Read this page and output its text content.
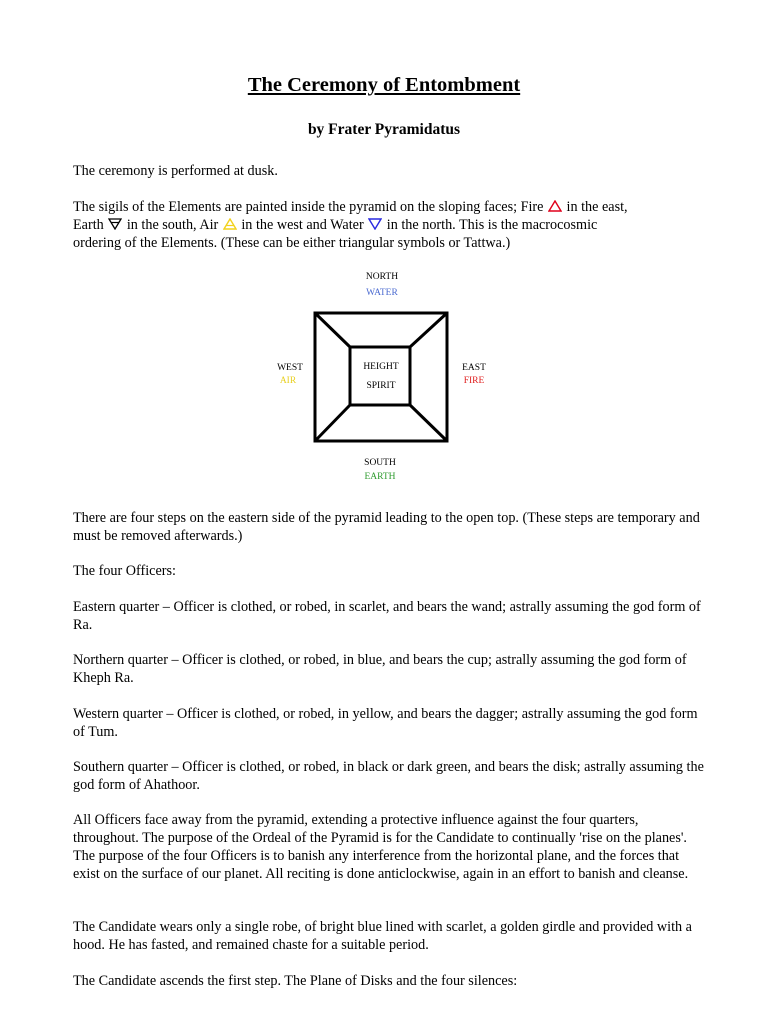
The Ceremony of Entombment
by Frater Pyramidatus

The ceremony is performed at dusk.

The sigils of the Elements are painted inside the pyramid on the sloping faces; Fire  in the east,
Earth  in the south, Air  in the west and Water  in the north. This is the macrocosmic
ordering of the Elements. (These can be either triangular symbols or Tattwa.)

NORTH
WATER
HEIGHT
SPIRIT
WEST
AIR
EAST
FIRE
SOUTH
EARTH

There are four steps on the eastern side of the pyramid leading to the open top. (These steps are temporary and must be removed afterwards.)

The four Officers:

Eastern quarter – Officer is clothed, or robed, in scarlet, and bears the wand; astrally assuming the god form of Ra.

Northern quarter – Officer is clothed, or robed, in blue, and bears the cup; astrally assuming the god form of Kheph Ra.

Western quarter – Officer is clothed, or robed, in yellow, and bears the dagger; astrally assuming the god form of Tum.

Southern quarter – Officer is clothed, or robed, in black or dark green, and bears the disk; astrally assuming the god form of Ahathoor.

All Officers face away from the pyramid, extending a protective influence against the four quarters, throughout. The purpose of the Ordeal of the Pyramid is for the Candidate to continually 'rise on the planes'. The purpose of the four Officers is to banish any interference from the horizontal plane, and the forces that exist on the surface of our planet. All reciting is done anticlockwise, again in an effort to banish and cleanse.

The Candidate wears only a single robe, of bright blue lined with scarlet, a golden girdle and provided with a hood. He has fasted, and remained chaste for a suitable period.

The Candidate ascends the first step. The Plane of Disks and the four silences:
